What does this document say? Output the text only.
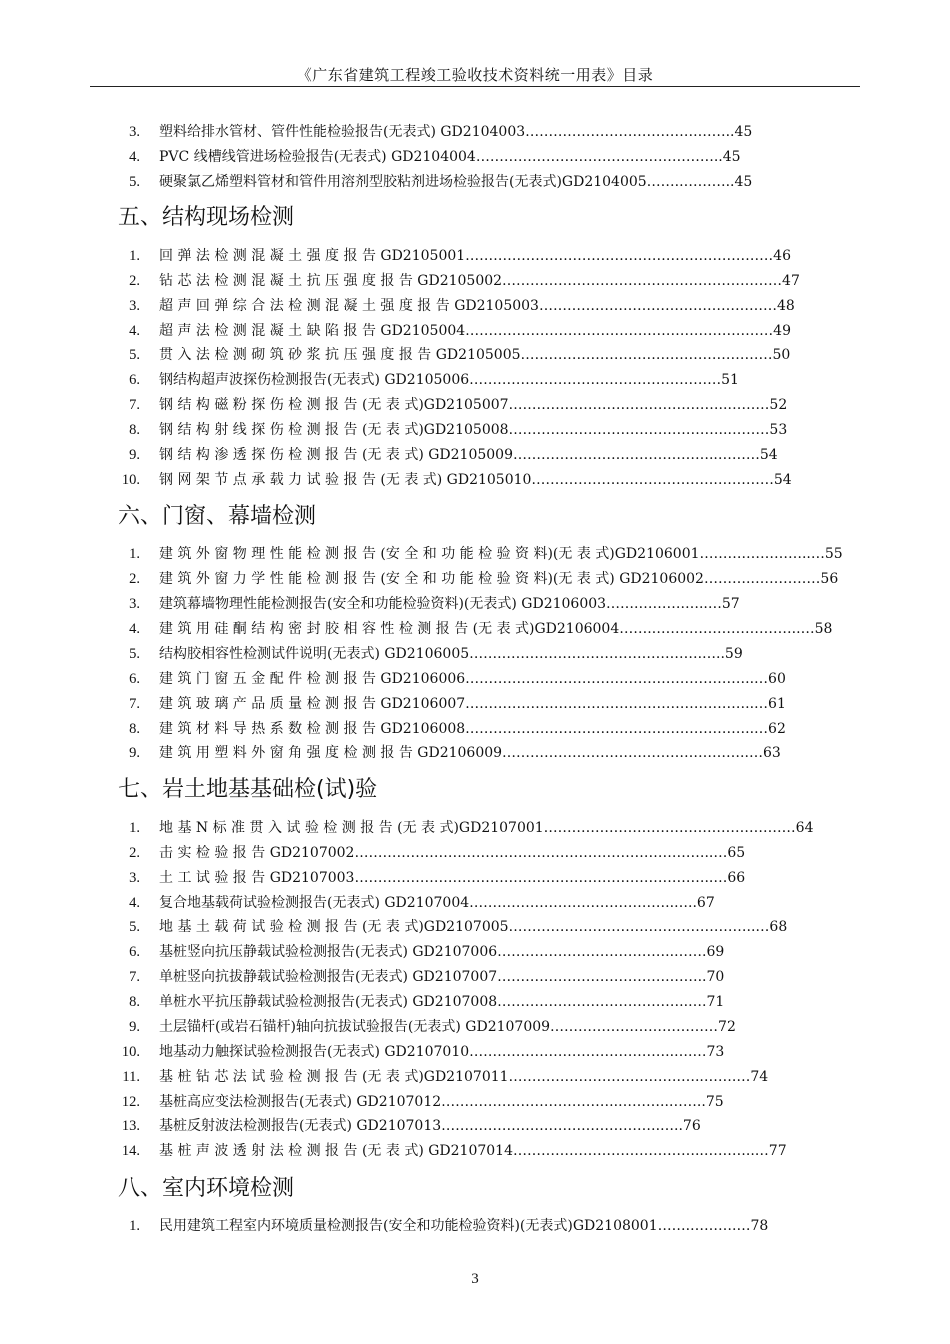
《广东省建筑工程竣工验收技术资料统一用表》目录
3. 塑料给排水管材、管件性能检验报告(无表式) GD2104003……………………………….……..45
4. PVC 线槽线管进场检验报告(无表式) GD2104004……………………………………………..45
5. 硬聚氯乙烯塑料管材和管件用溶剂型胶粘剂进场检验报告(无表式)GD2104005……..………..45
五、结构现场检测
1. 回 弹 法 检 测 混 凝 土 强 度 报 告 GD2105001…………………………………………………………46
2. 钻 芯 法 检 测 混 凝 土 抗 压 强 度 报 告 GD2105002……………………………………………………47
3. 超 声 回 弹 综 合 法 检 测 混 凝 土 强 度 报 告 GD2105003……………………………………………48
4. 超 声 法 检 测 混 凝 土 缺 陷 报 告 GD2105004…………………………………………………………49
5. 贯 入 法 检 测 砌 筑 砂 浆 抗 压 强 度 报 告 GD2105005………………………………………………50
6. 钢结构超声波探伤检测报告(无表式) GD2105006………………………………………………51
7. 钢 结 构 磁 粉 探 伤 检 测 报 告 (无 表 式)GD2105007………………………………………..………52
8. 钢 结 构 射 线 探 伤 检 测 报 告 (无 表 式)GD2105008………………………………………..………53
9. 钢 结 构 渗 透 探 伤 检 测 报 告 (无 表 式) GD2105009……………………………………..………54
10. 钢 网 架 节 点 承 载 力 试 验 报 告 (无 表 式) GD2105010………………………………….…………54
六、门窗、幕墙检测
1. 建 筑 外 窗 物 理 性 能 检 测 报 告 (安 全 和 功 能 检 验 资 料)(无 表 式)GD2106001……….…………..…55
2. 建 筑 外 窗 力 学 性 能 检 测 报 告 (安 全 和 功 能 检 验 资 料)(无 表 式) GD2106002……….……………56
3. 建筑幕墙物理性能检测报告(安全和功能检验资料)(无表式) GD2106003…….……….…..…57
4. 建 筑 用 硅 酮 结 构 密 封 胶 相 容 性 检 测 报 告 (无 表 式)GD2106004…….…………………………..…58
5. 结构胶相容性检测试件说明(无表式) GD2106005…….…………………………………….…..59
6. 建 筑 门 窗 五 金 配 件 检 测 报 告 GD2106006……………………………………………………..…60
7. 建 筑 玻 璃 产 品 质 量 检 测 报 告 GD2106007……………………………………………………..…61
8. 建 筑 材 料 导 热 系 数 检 测 报 告 GD2106008……………………………………………………..…62
9. 建 筑 用 塑 料 外 窗 角 强 度 检 测 报 告 GD2106009……………………………………………..…63
七、岩土地基基础检(试)验
1. 地 基 N 标 准 贯 入 试 验 检 测 报 告 (无 表 式)GD2107001………………………………………………64
2. 击 实 检 验 报 告 GD2107002…………………………………………………………………..…65
3. 土 工 试 验 报 告 GD2107003…………………………………………………………………..…66
4. 复合地基载荷试验检测报告(无表式) GD2107004……………………………………..…..67
5. 地 基 土 载 荷 试 验 检 测 报 告 (无 表 式)GD2107005……………………………………………..…68
6. 基桩竖向抗压静载试验检测报告(无表式) GD2107006………………………………..…….69
7. 单桩竖向抗拔静载试验检测报告(无表式) GD2107007……………………………….……..70
8. 单桩水平抗压静载试验检测报告(无表式) GD2107008…………………………………..….71
9. 土层锚杆(或岩石锚杆)轴向抗拔试验报告(无表式) GD2107009………………………………72
10. 地基动力触探试验检测报告(无表式) GD2107010……………………………………..….…73
11. 基 桩 钻 芯 法 试 验 检 测 报 告 (无 表 式)GD2107011……………………………….…..…….…74
12. 基桩高应变法检测报告(无表式) GD2107012………………………………..………..……..75
13. 基桩反射波法检测报告(无表式) GD2107013………………………….…………….…..76
14. 基 桩 声 波 透 射 法 检 测 报 告 (无 表 式) GD2107014…………………………………..………..…77
八、室内环境检测
1. 民用建筑工程室内环境质量检测报告(安全和功能检验资料)(无表式)GD2108001…….……….…78
3
